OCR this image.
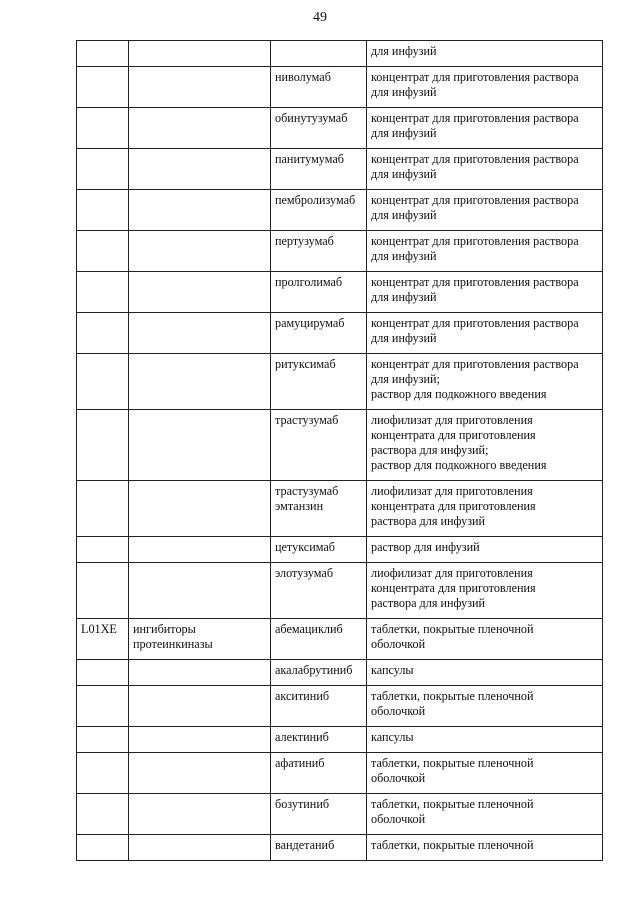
49
			для инфузий
		ниволумаб	концентрат для приготовления раствора
для инфузий
		обинутузумаб	концентрат для приготовления раствора
для инфузий
		панитумумаб	концентрат для приготовления раствора
для инфузий
		пембролизумаб	концентрат для приготовления раствора
для инфузий
		пертузумаб	концентрат для приготовления раствора
для инфузий
		пролголимаб	концентрат для приготовления раствора
для инфузий
		рамуцирумаб	концентрат для приготовления раствора
для инфузий
		ритуксимаб	концентрат для приготовления раствора
для инфузий;
раствор для подкожного введения
		трастузумаб	лиофилизат для приготовления
концентрата для приготовления
раствора для инфузий;
раствор для подкожного введения
		трастузумаб
эмтанзин	лиофилизат для приготовления
концентрата для приготовления
раствора для инфузий
		цетуксимаб	раствор для инфузий
		элотузумаб	лиофилизат для приготовления
концентрата для приготовления
раствора для инфузий
L01XE	ингибиторы
протеинкиназы	абемациклиб	таблетки, покрытые пленочной
оболочкой
		акалабрутиниб	капсулы
		акситиниб	таблетки, покрытые пленочной
оболочкой
		алектиниб	капсулы
		афатиниб	таблетки, покрытые пленочной
оболочкой
		бозутиниб	таблетки, покрытые пленочной
оболочкой
		вандетаниб	таблетки, покрытые пленочной
